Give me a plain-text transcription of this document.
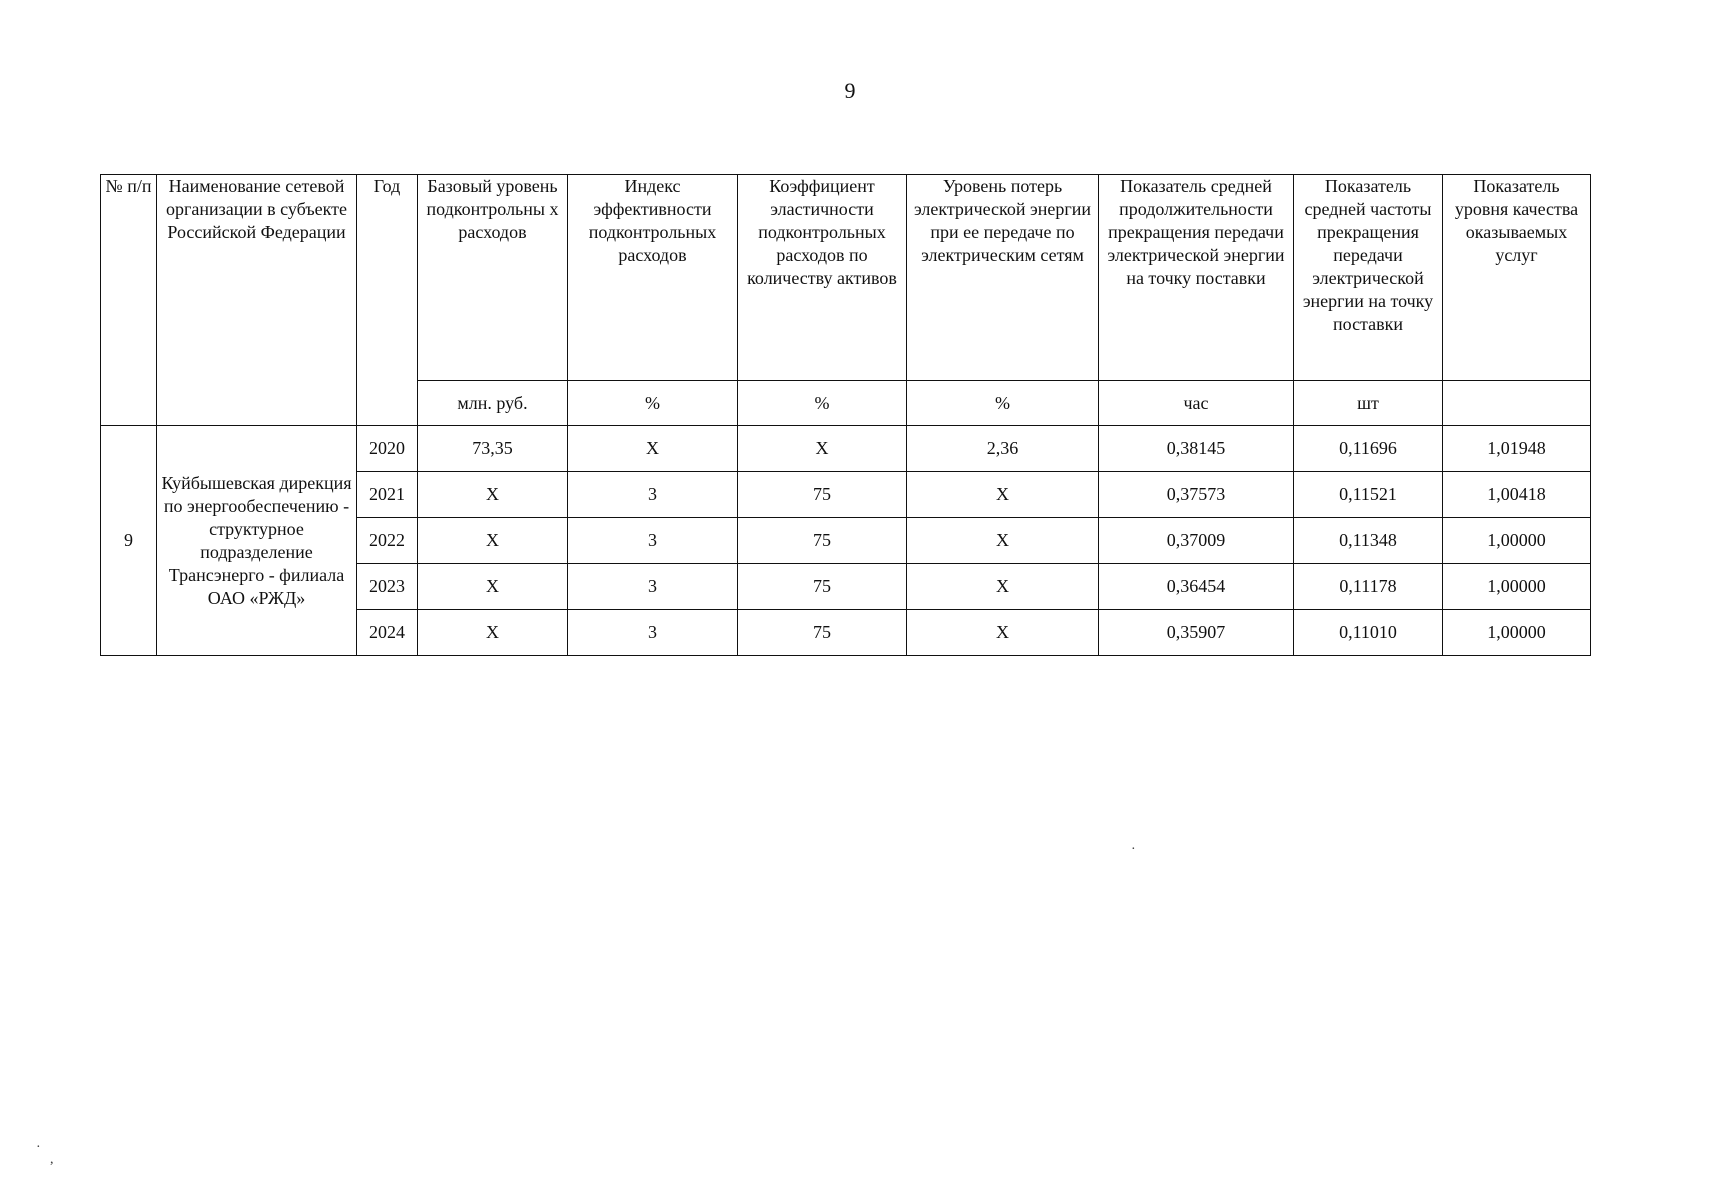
9
№ п/п	Наименование сетевой организации в субъекте Российской Федерации	Год	Базовый уровень подконтрольны х расходов	Индекс эффективности подконтрольных расходов	Коэффициент эластичности подконтрольных расходов по количеству активов	Уровень потерь электрической энергии при ее передаче по электрическим сетям	Показатель средней продолжительности прекращения передачи электрической энергии на точку поставки	Показатель средней частоты прекращения передачи электрической энергии на точку поставки	Показатель уровня качества оказываемых услуг
			млн. руб.	%	%	%	час	шт	
9	Куйбышевская дирекция по энергообеспечению - структурное подразделение Трансэнерго - филиала ОАО «РЖД»	2020	73,35	X	X	2,36	0,38145	0,11696	1,01948
		2021	X	3	75	X	0,37573	0,11521	1,00418
		2022	X	3	75	X	0,37009	0,11348	1,00000
		2023	X	3	75	X	0,36454	0,11178	1,00000
		2024	X	3	75	X	0,35907	0,11010	1,00000
·
·
,
